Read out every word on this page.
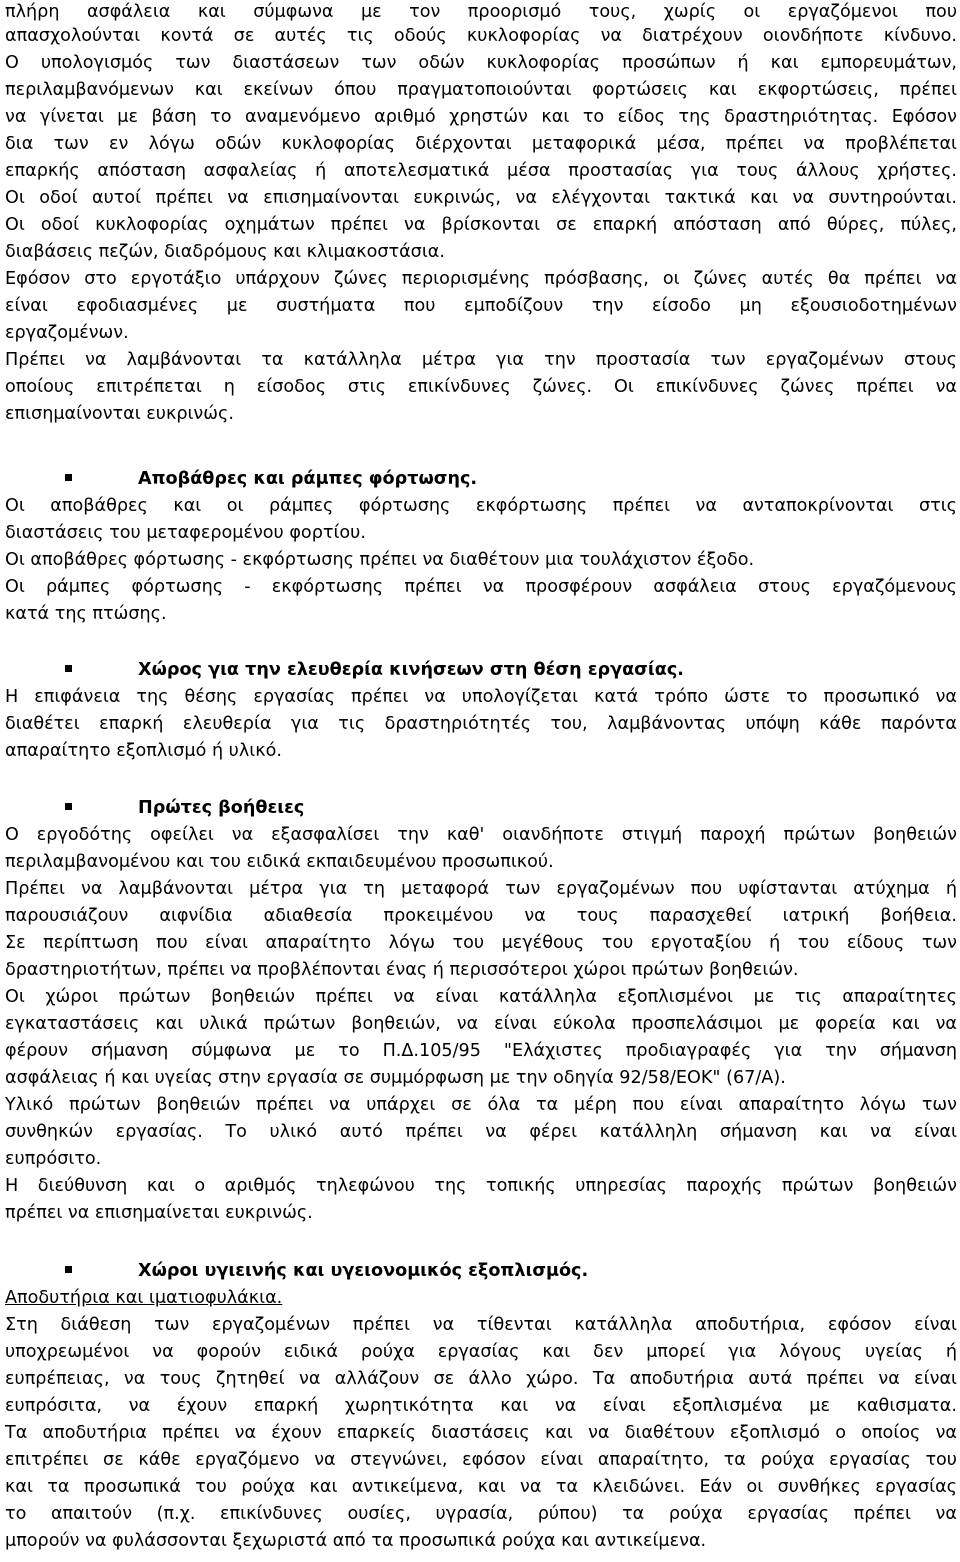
πλήρη ασφάλεια και σύμφωνα με τον προορισμό τους, χωρίς οι εργαζόμενοι που
απασχολούνται κοντά σε αυτές τις οδούς κυκλοφορίας να διατρέχουν οιονδήποτε κίνδυνο.
Ο υπολογισμός των διαστάσεων των οδών κυκλοφορίας προσώπων ή και εμπορευμάτων,
περιλαμβανόμενων και εκείνων όπου πραγματοποιούνται φορτώσεις και εκφορτώσεις, πρέπει
να γίνεται με βάση το αναμενόμενο αριθμό χρηστών και το είδος της δραστηριότητας. Εφόσον
δια των εν λόγω οδών κυκλοφορίας διέρχονται μεταφορικά μέσα, πρέπει να προβλέπεται
επαρκής απόσταση ασφαλείας ή αποτελεσματικά μέσα προστασίας για τους άλλους χρήστες.
Οι οδοί αυτοί πρέπει να επισημαίνονται ευκρινώς, να ελέγχονται τακτικά και να συντηρούνται.
Οι οδοί κυκλοφορίας οχημάτων πρέπει να βρίσκονται σε επαρκή απόσταση από θύρες, πύλες,
διαβάσεις πεζών, διαδρόμους και κλιμακοστάσια.
Εφόσον στο εργοτάξιο υπάρχουν ζώνες περιορισμένης πρόσβασης, οι ζώνες αυτές θα πρέπει να
είναι εφοδιασμένες με συστήματα που εμποδίζουν την είσοδο μη εξουσιοδοτημένων
εργαζομένων.
Πρέπει να λαμβάνονται τα κατάλληλα μέτρα για την προστασία των εργαζομένων στους
οποίους επιτρέπεται η είσοδος στις επικίνδυνες ζώνες. Οι επικίνδυνες ζώνες πρέπει να
επισημαίνονται ευκρινώς.
Αποβάθρες και ράμπες φόρτωσης.
Οι αποβάθρες και οι ράμπες φόρτωσης εκφόρτωσης πρέπει να ανταποκρίνονται στις
διαστάσεις του μεταφερομένου φορτίου.
Οι αποβάθρες φόρτωσης - εκφόρτωσης πρέπει να διαθέτουν μια τουλάχιστον έξοδο.
Οι ράμπες φόρτωσης - εκφόρτωσης πρέπει να προσφέρουν ασφάλεια στους εργαζόμενους
κατά της πτώσης.
Χώρος για την ελευθερία κινήσεων στη θέση εργασίας.
Η επιφάνεια της θέσης εργασίας πρέπει να υπολογίζεται κατά τρόπο ώστε το προσωπικό να
διαθέτει επαρκή ελευθερία για τις δραστηριότητές του, λαμβάνοντας υπόψη κάθε παρόντα
απαραίτητο εξοπλισμό ή υλικό.
Πρώτες βοήθειες
Ο εργοδότης οφείλει να εξασφαλίσει την καθ' οιανδήποτε στιγμή παροχή πρώτων βοηθειών
περιλαμβανομένου και του ειδικά εκπαιδευμένου προσωπικού.
Πρέπει να λαμβάνονται μέτρα για τη μεταφορά των εργαζομένων που υφίστανται ατύχημα ή
παρουσιάζουν αιφνίδια αδιαθεσία προκειμένου να τους παρασχεθεί ιατρική βοήθεια.
Σε περίπτωση που είναι απαραίτητο λόγω του μεγέθους του εργοταξίου ή του είδους των
δραστηριοτήτων, πρέπει να προβλέπονται ένας ή περισσότεροι χώροι πρώτων βοηθειών.
Οι χώροι πρώτων βοηθειών πρέπει να είναι κατάλληλα εξοπλισμένοι με τις απαραίτητες
εγκαταστάσεις και υλικά πρώτων βοηθειών, να είναι εύκολα προσπελάσιμοι με φορεία και να
φέρουν σήμανση σύμφωνα με το Π.Δ.105/95 "Ελάχιστες προδιαγραφές για την σήμανση
ασφάλειας ή και υγείας στην εργασία σε συμμόρφωση με την οδηγία 92/58/ΕΟΚ" (67/Α).
Υλικό πρώτων βοηθειών πρέπει να υπάρχει σε όλα τα μέρη που είναι απαραίτητο λόγω των
συνθηκών εργασίας. Το υλικό αυτό πρέπει να φέρει κατάλληλη σήμανση και να είναι
ευπρόσιτο.
Η διεύθυνση και ο αριθμός τηλεφώνου της τοπικής υπηρεσίας παροχής πρώτων βοηθειών
πρέπει να επισημαίνεται ευκρινώς.
Χώροι υγιεινής και υγειονομικός εξοπλισμός.
Αποδυτήρια και ιματιοφυλάκια.
Στη διάθεση των εργαζομένων πρέπει να τίθενται κατάλληλα αποδυτήρια, εφόσον είναι
υποχρεωμένοι να φορούν ειδικά ρούχα εργασίας και δεν μπορεί για λόγους υγείας ή
ευπρέπειας, να τους ζητηθεί να αλλάζουν σε άλλο χώρο. Τα αποδυτήρια αυτά πρέπει να είναι
ευπρόσιτα, να έχουν επαρκή χωρητικότητα και να είναι εξοπλισμένα με καθισματα.
Τα αποδυτήρια πρέπει να έχουν επαρκείς διαστάσεις και να διαθέτουν εξοπλισμό ο οποίος να
επιτρέπει σε κάθε εργαζόμενο να στεγνώνει, εφόσον είναι απαραίτητο, τα ρούχα εργασίας του
και τα προσωπικά του ρούχα και αντικείμενα, και να τα κλειδώνει. Εάν οι συνθήκες εργασίας
το απαιτούν (π.χ. επικίνδυνες ουσίες, υγρασία, ρύπου) τα ρούχα εργασίας πρέπει να
μπορούν να φυλάσσονται ξεχωριστά από τα προσωπικά ρούχα και αντικείμενα.
